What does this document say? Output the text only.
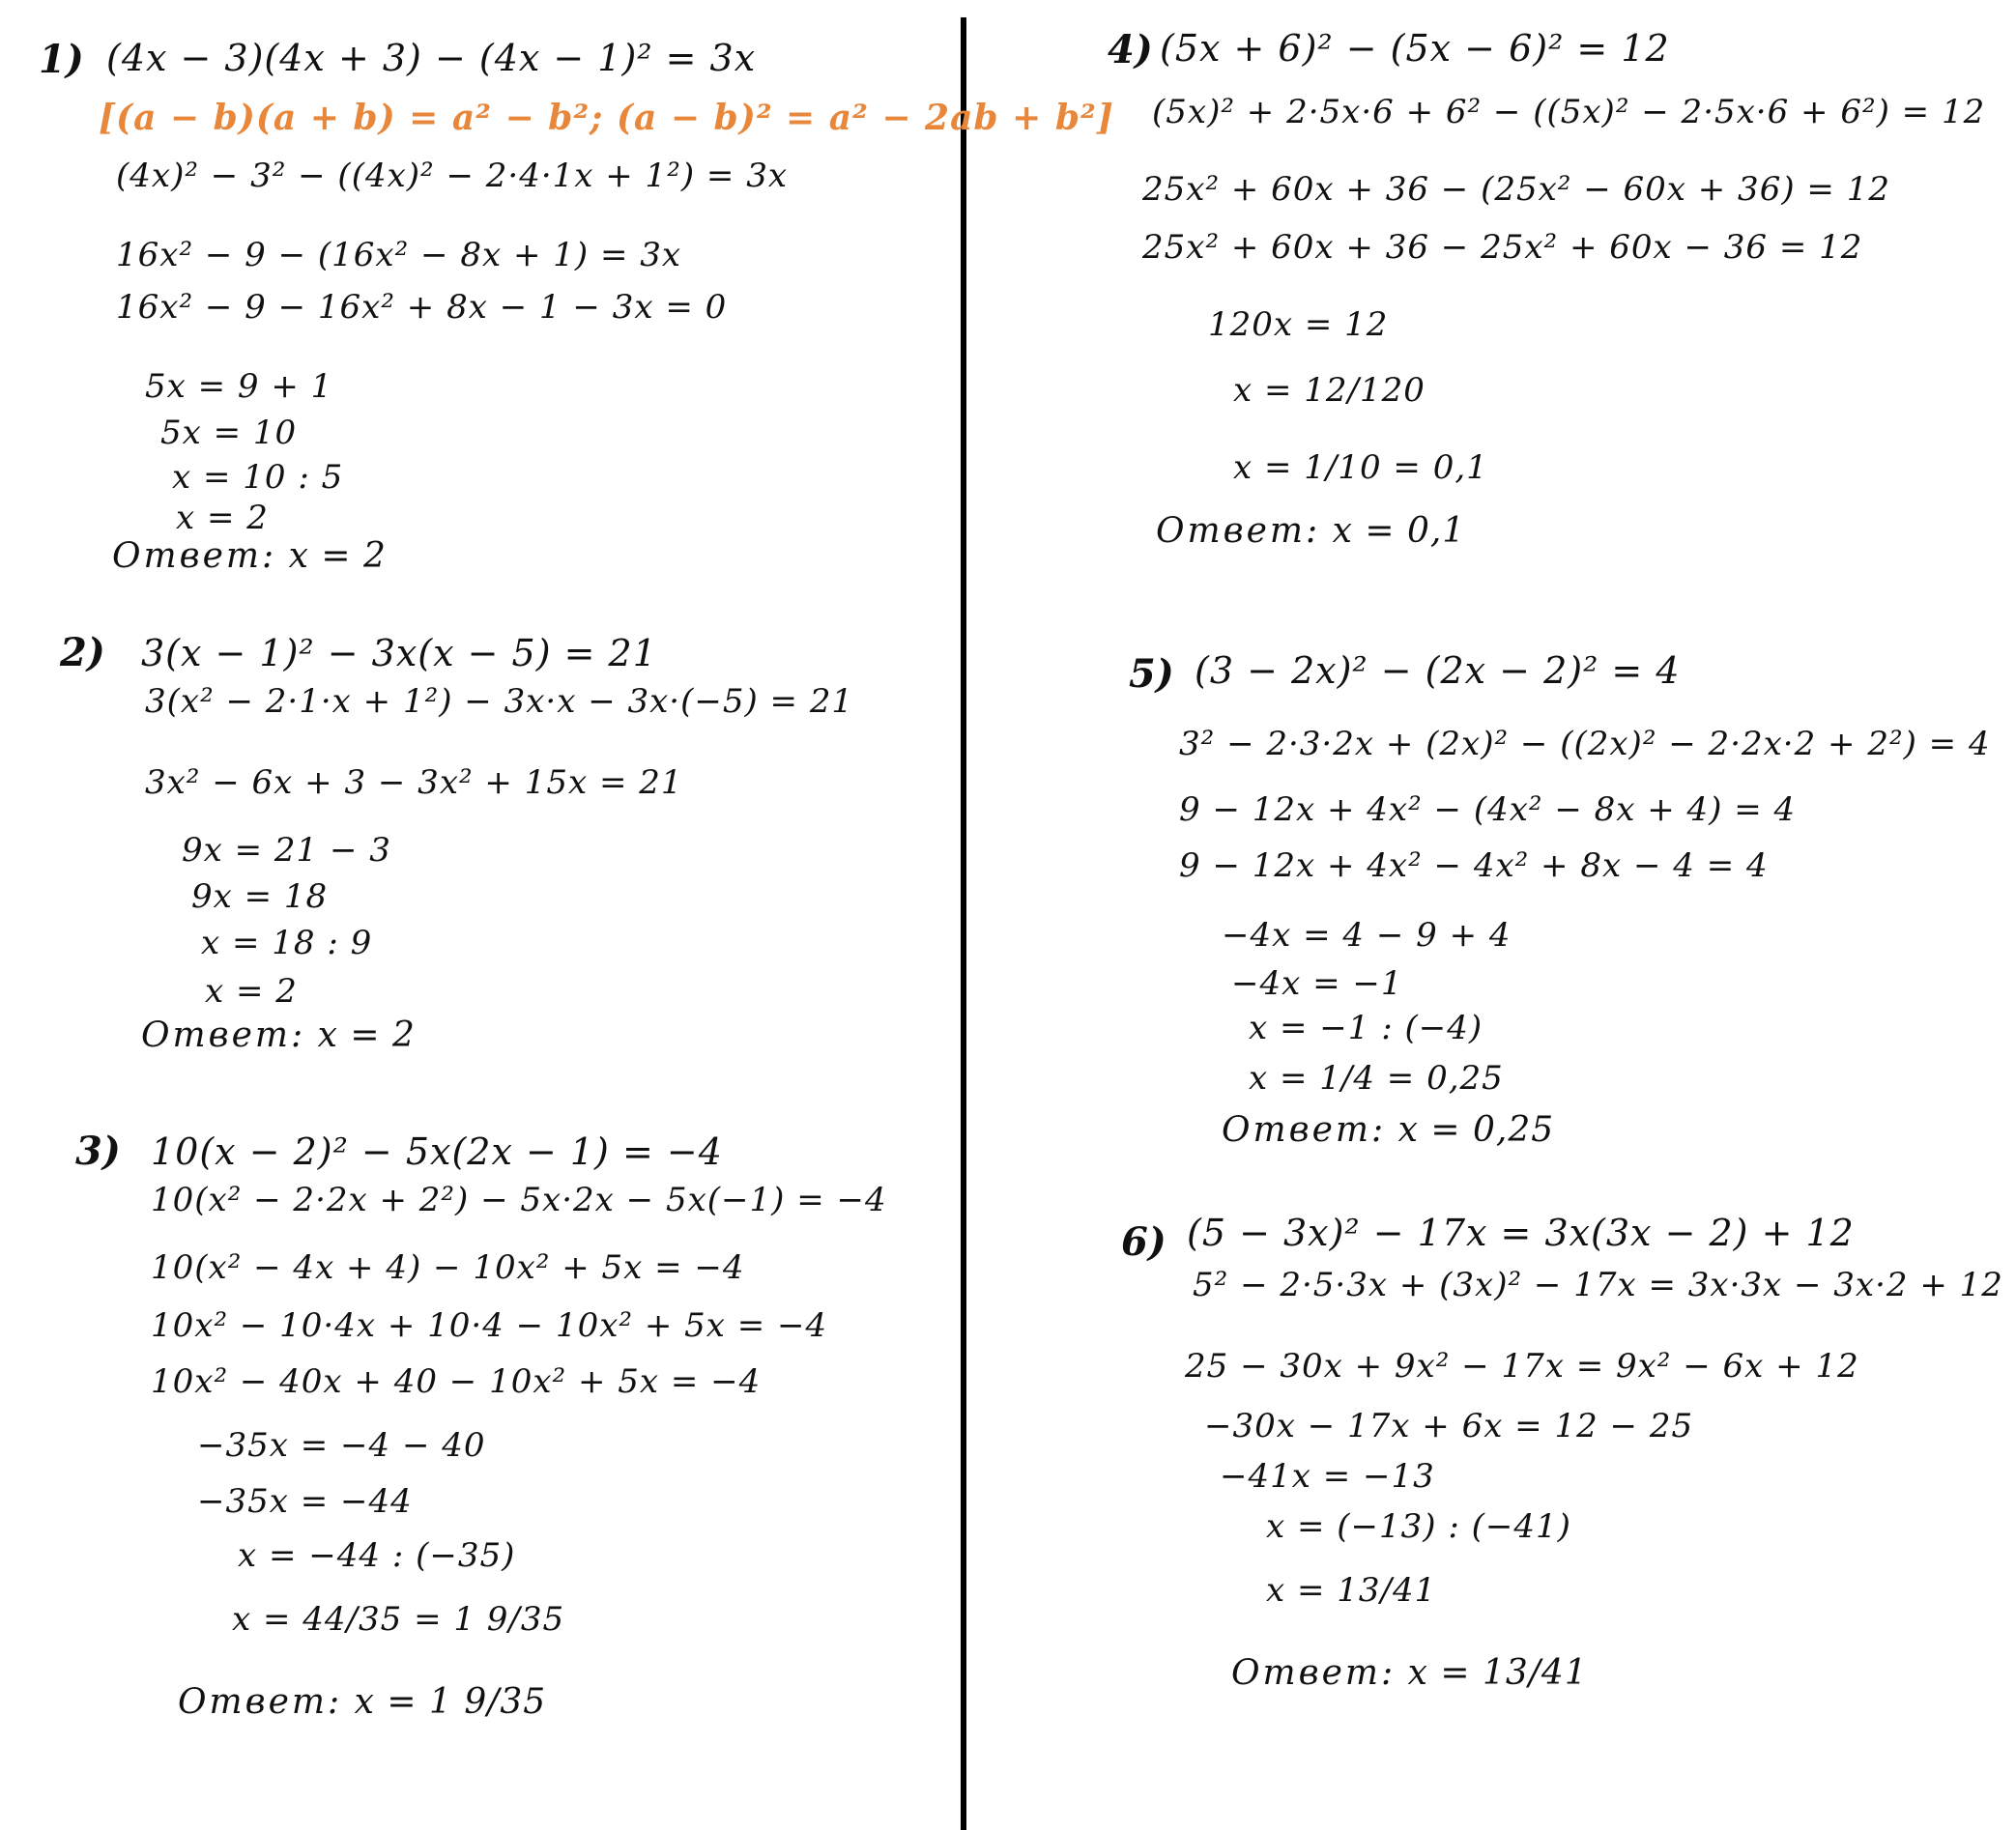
1) (4x − 3)(4x + 3) − (4x − 1)² = 3x
[(a − b)(a + b) = a² − b²; (a − b)² = a² − 2ab + b²]
(4x)² − 3² − ((4x)² − 2·4·1x + 1²) = 3x
16x² − 9 − (16x² − 8x + 1) = 3x
16x² − 9 − 16x² + 8x − 1 − 3x = 0
5x = 9 + 1
5x = 10
x = 10 : 5
x = 2
Ответ: x = 2
2) 3(x − 1)² − 3x(x − 5) = 21
3(x² − 2·1·x + 1²) − 3x·x − 3x·(−5) = 21
3x² − 6x + 3 − 3x² + 15x = 21
9x = 21 − 3
9x = 18
x = 18 : 9
x = 2
Ответ: x = 2
3) 10(x − 2)² − 5x(2x − 1) = −4
10(x² − 2·2x + 2²) − 5x·2x − 5x(−1) = −4
10(x² − 4x + 4) − 10x² + 5x = −4
10x² − 10·4x + 10·4 − 10x² + 5x = −4
10x² − 40x + 40 − 10x² + 5x = −4
−35x = −4 − 40
−35x = −44
x = −44 : (−35)
x = 44/35 = 1 9/35
Ответ: x = 1 9/35
4) (5x + 6)² − (5x − 6)² = 12
(5x)² + 2·5x·6 + 6² − ((5x)² − 2·5x·6 + 6²) = 12
25x² + 60x + 36 − (25x² − 60x + 36) = 12
25x² + 60x + 36 − 25x² + 60x − 36 = 12
120x = 12
x = 12/120
x = 1/10 = 0,1
Ответ: x = 0,1
5) (3 − 2x)² − (2x − 2)² = 4
3² − 2·3·2x + (2x)² − ((2x)² − 2·2x·2 + 2²) = 4
9 − 12x + 4x² − (4x² − 8x + 4) = 4
9 − 12x + 4x² − 4x² + 8x − 4 = 4
−4x = 4 − 9 + 4
−4x = −1
x = −1 : (−4)
x = 1/4 = 0,25
Ответ: x = 0,25
6) (5 − 3x)² − 17x = 3x(3x − 2) + 12
5² − 2·5·3x + (3x)² − 17x = 3x·3x − 3x·2 + 12
25 − 30x + 9x² − 17x = 9x² − 6x + 12
−30x − 17x + 6x = 12 − 25
−41x = −13
x = (−13) : (−41)
x = 13/41
Ответ: x = 13/41
